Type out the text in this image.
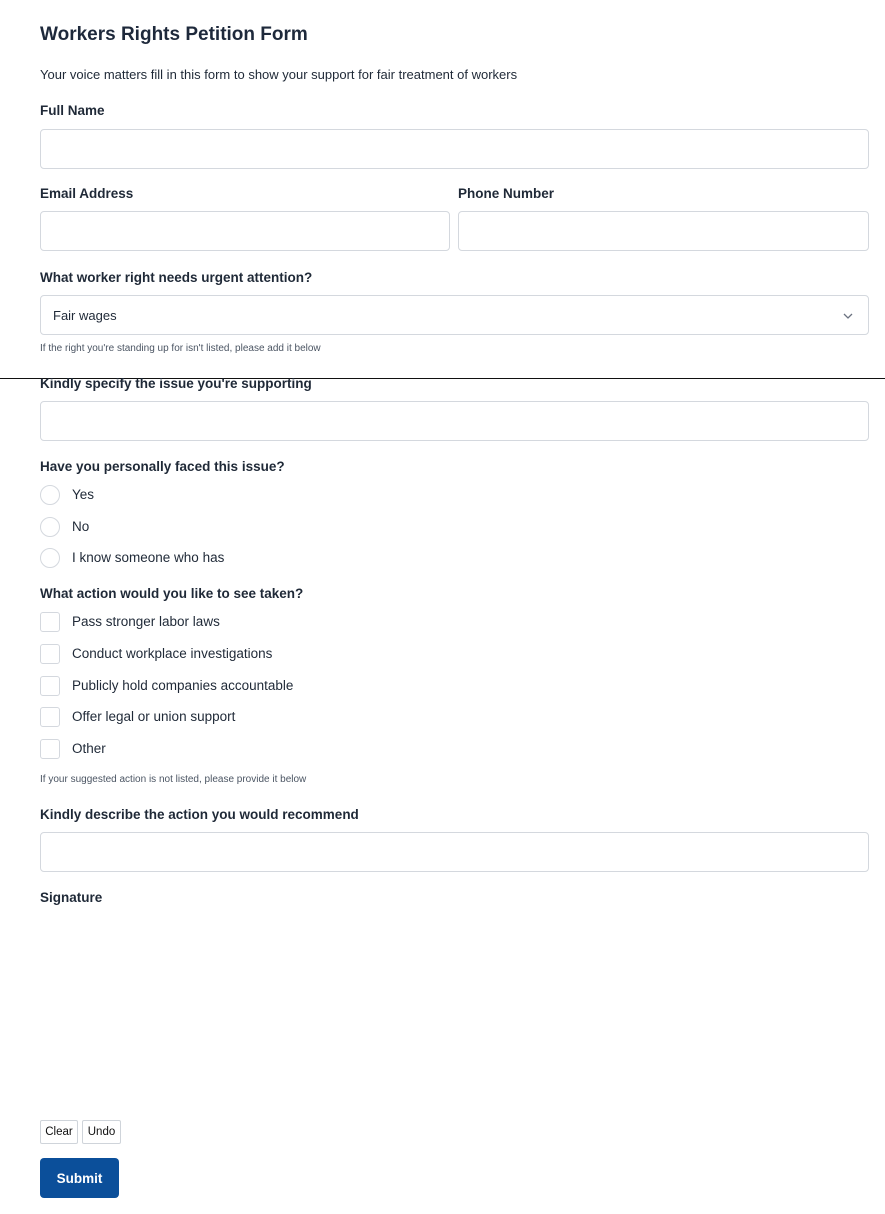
Workers Rights Petition Form
Your voice matters fill in this form to show your support for fair treatment of workers
Full Name
Email Address	Phone Number
What worker right needs urgent attention?
Fair wages
If the right you're standing up for isn't listed, please add it below
Kindly specify the issue you're supporting
Have you personally faced this issue?
Yes
No
I know someone who has
What action would you like to see taken?
Pass stronger labor laws
Conduct workplace investigations
Publicly hold companies accountable
Offer legal or union support
Other
If your suggested action is not listed, please provide it below
Kindly describe the action you would recommend
Signature
Clear	Undo
Submit
